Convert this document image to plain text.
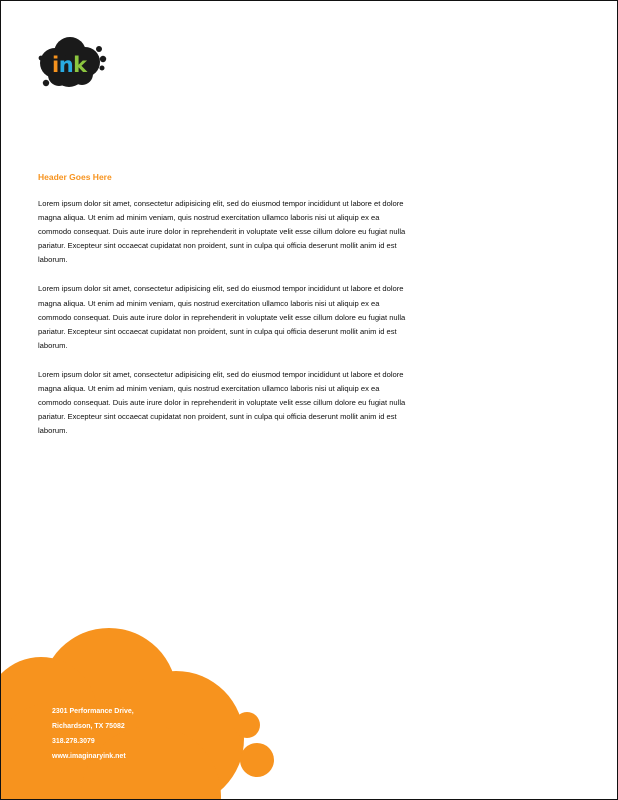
ink
Header Goes Here

Lorem ipsum dolor sit amet, consectetur adipisicing elit, sed do eiusmod tempor incididunt ut labore et dolore magna aliqua. Ut enim ad minim veniam, quis nostrud exercitation ullamco laboris nisi ut aliquip ex ea commodo consequat. Duis aute irure dolor in reprehenderit in voluptate velit esse cillum dolore eu fugiat nulla pariatur. Excepteur sint occaecat cupidatat non proident, sunt in culpa qui officia deserunt mollit anim id est laborum.

Lorem ipsum dolor sit amet, consectetur adipisicing elit, sed do eiusmod tempor incididunt ut labore et dolore magna aliqua. Ut enim ad minim veniam, quis nostrud exercitation ullamco laboris nisi ut aliquip ex ea commodo consequat. Duis aute irure dolor in reprehenderit in voluptate velit esse cillum dolore eu fugiat nulla pariatur. Excepteur sint occaecat cupidatat non proident, sunt in culpa qui officia deserunt mollit anim id est laborum.

Lorem ipsum dolor sit amet, consectetur adipisicing elit, sed do eiusmod tempor incididunt ut labore et dolore magna aliqua. Ut enim ad minim veniam, quis nostrud exercitation ullamco laboris nisi ut aliquip ex ea commodo consequat. Duis aute irure dolor in reprehenderit in voluptate velit esse cillum dolore eu fugiat nulla pariatur. Excepteur sint occaecat cupidatat non proident, sunt in culpa qui officia deserunt mollit anim id est laborum.

2301 Performance Drive,
Richardson, TX 75082
318.278.3079
www.imaginaryink.net
